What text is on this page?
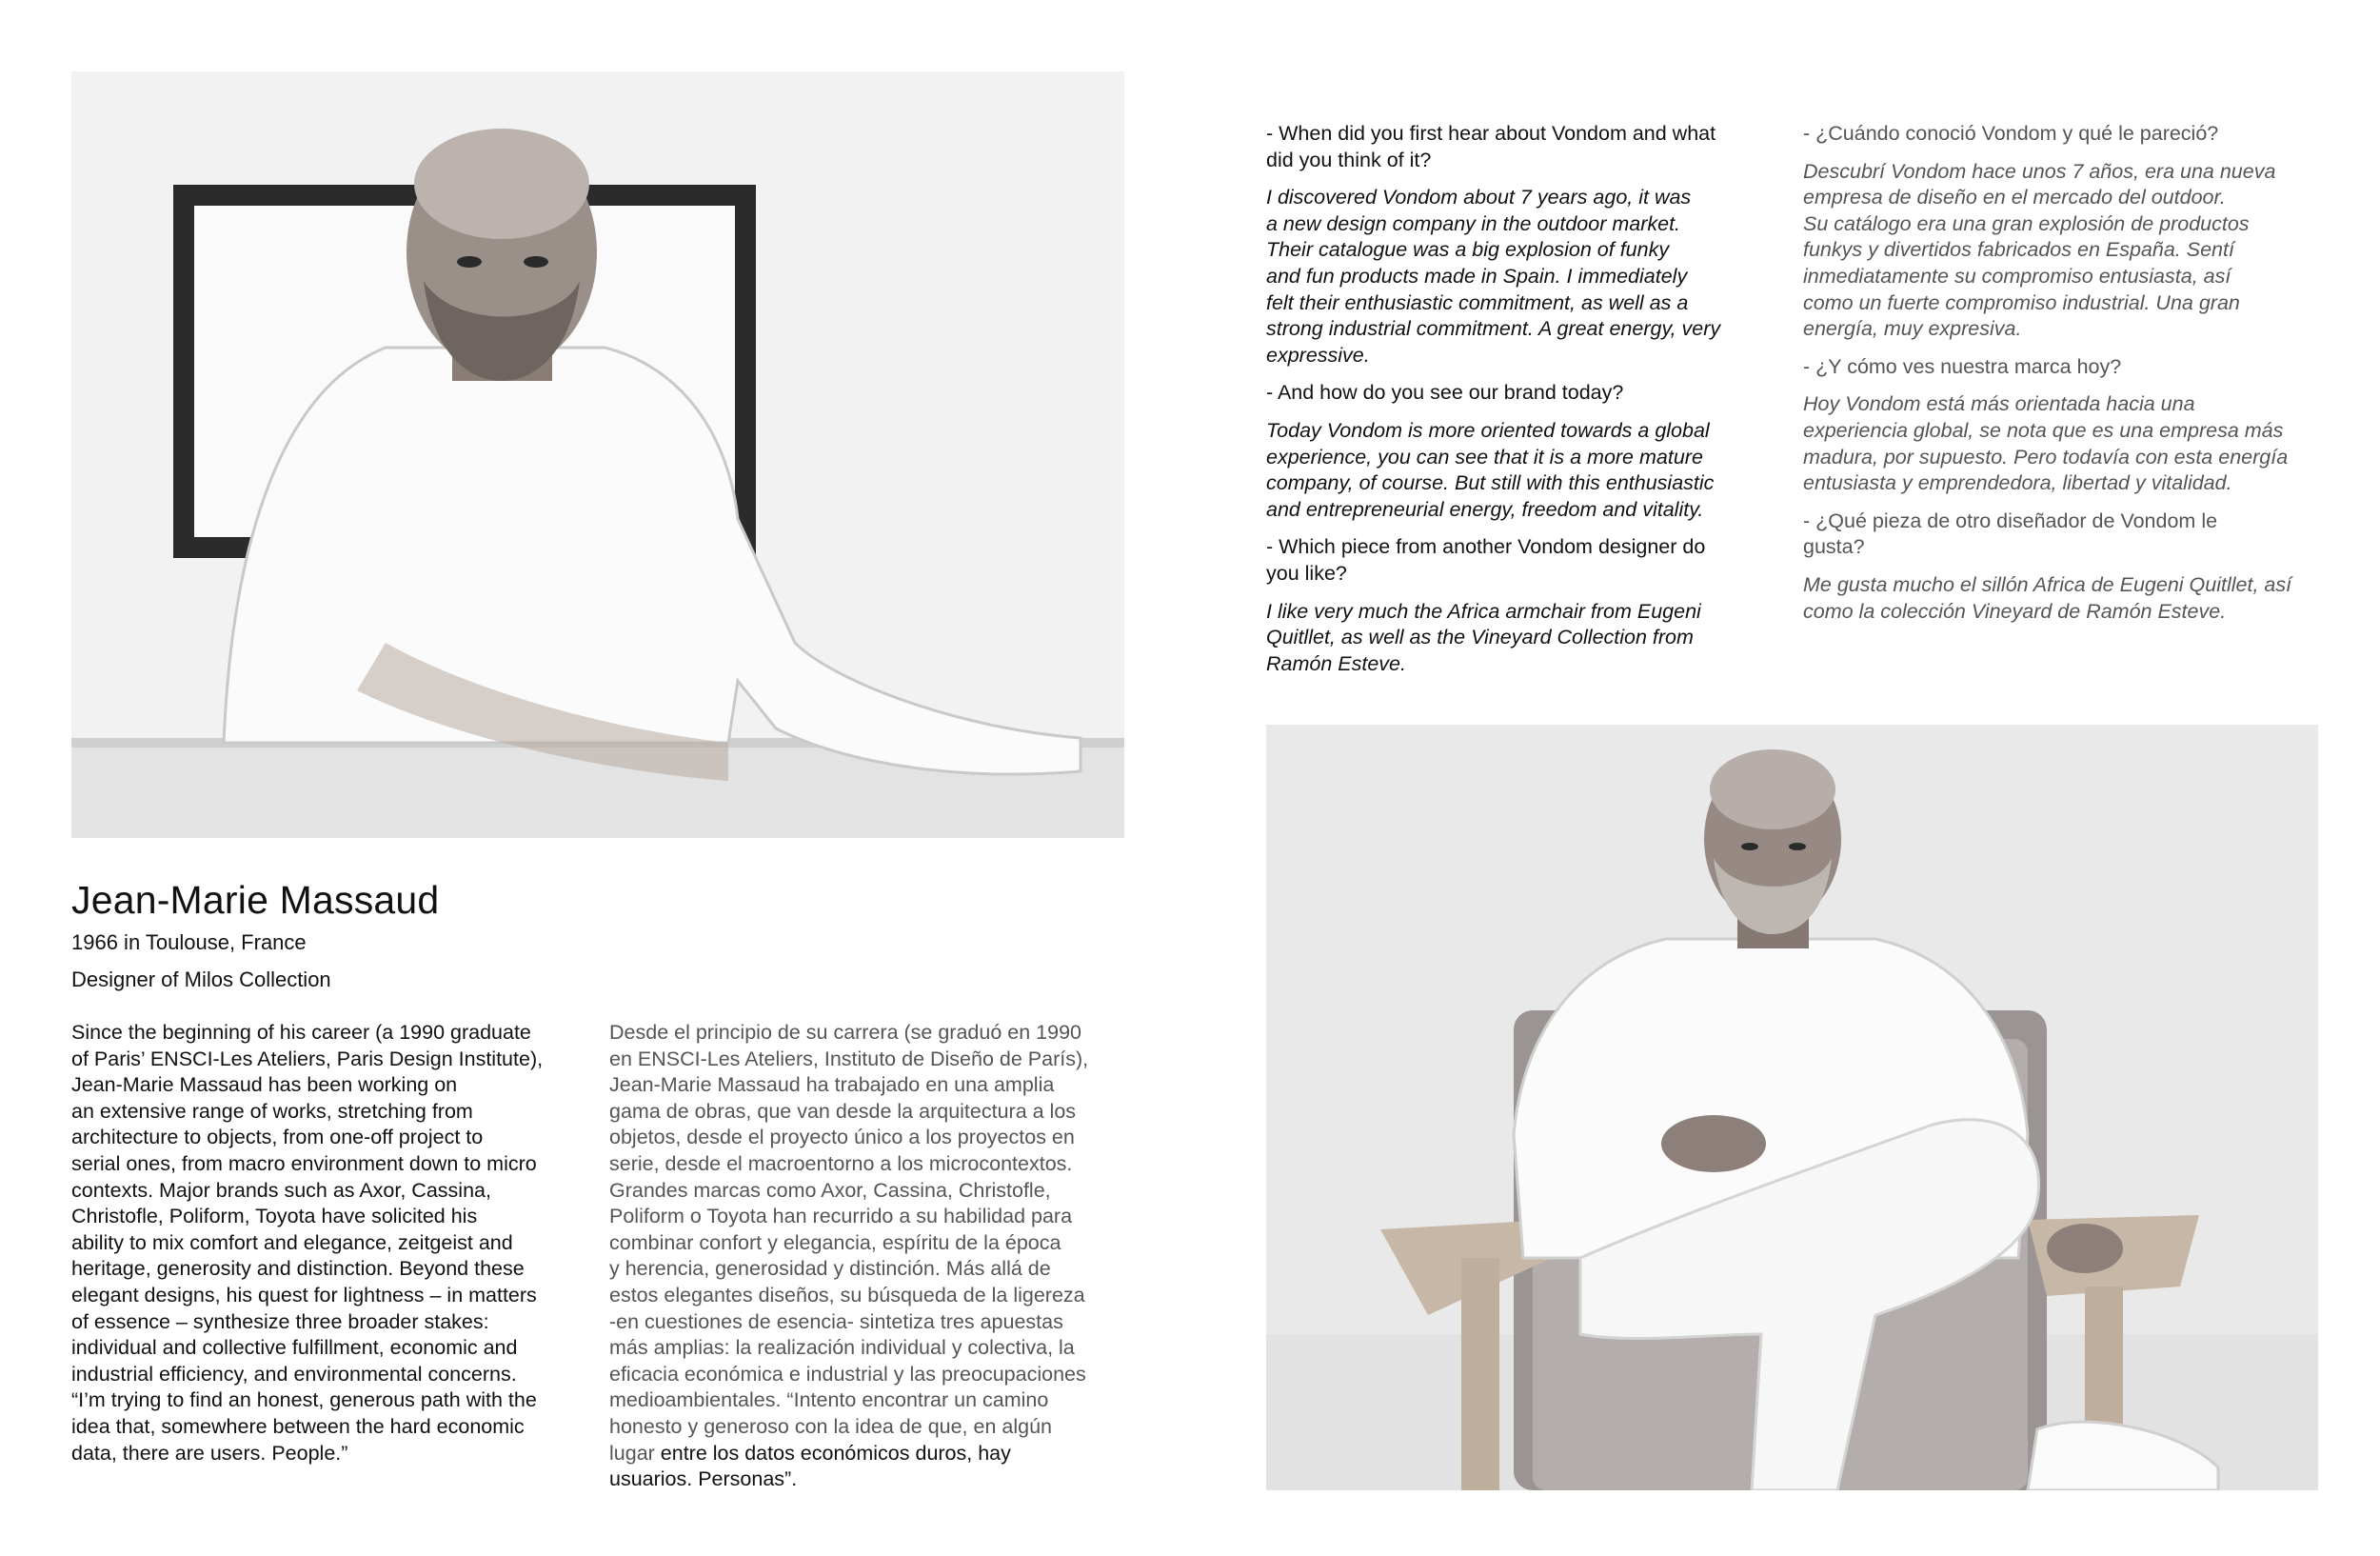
Jean-Marie Massaud

1966 in Toulouse, France

Designer of Milos Collection

Since the beginning of his career (a 1990 graduate
of Paris’ ENSCI-Les Ateliers, Paris Design Institute),
Jean-Marie Massaud has been working on
an extensive range of works, stretching from
architecture to objects, from one-off project to
serial ones, from macro environment down to micro
contexts. Major brands such as Axor, Cassina,
Christofle, Poliform, Toyota have solicited his
ability to mix comfort and elegance, zeitgeist and
heritage, generosity and distinction. Beyond these
elegant designs, his quest for lightness – in matters
of essence – synthesize three broader stakes:
individual and collective fulfillment, economic and
industrial efficiency, and environmental concerns.
“I’m trying to find an honest, generous path with the
idea that, somewhere between the hard economic
data, there are users. People.”

Desde el principio de su carrera (se graduó en 1990
en ENSCI-Les Ateliers, Instituto de Diseño de París),
Jean-Marie Massaud ha trabajado en una amplia
gama de obras, que van desde la arquitectura a los
objetos, desde el proyecto único a los proyectos en
serie, desde el macroentorno a los microcontextos.
Grandes marcas como Axor, Cassina, Christofle,
Poliform o Toyota han recurrido a su habilidad para
combinar confort y elegancia, espíritu de la época
y herencia, generosidad y distinción. Más allá de
estos elegantes diseños, su búsqueda de la ligereza
-en cuestiones de esencia- sintetiza tres apuestas
más amplias: la realización individual y colectiva, la
eficacia económica e industrial y las preocupaciones
medioambientales. “Intento encontrar un camino
honesto y generoso con la idea de que, en algún
lugar entre los datos económicos duros, hay
usuarios. Personas”.

- When did you first hear about Vondom and what
did you think of it?

I discovered Vondom about 7 years ago, it was
a new design company in the outdoor market.
Their catalogue was a big explosion of funky
and fun products made in Spain. I immediately
felt their enthusiastic commitment, as well as a
strong industrial commitment. A great energy, very
expressive.

- And how do you see our brand today?

Today Vondom is more oriented towards a global
experience, you can see that it is a more mature
company, of course. But still with this enthusiastic
and entrepreneurial energy, freedom and vitality.

- Which piece from another Vondom designer do
you like?

I like very much the Africa armchair from Eugeni
Quitllet, as well as the Vineyard Collection from
Ramón Esteve.

- ¿Cuándo conoció Vondom y qué le pareció?

Descubrí Vondom hace unos 7 años, era una nueva
empresa de diseño en el mercado del outdoor.
Su catálogo era una gran explosión de productos
funkys y divertidos fabricados en España. Sentí
inmediatamente su compromiso entusiasta, así
como un fuerte compromiso industrial. Una gran
energía, muy expresiva.

- ¿Y cómo ves nuestra marca hoy?

Hoy Vondom está más orientada hacia una
experiencia global, se nota que es una empresa más
madura, por supuesto. Pero todavía con esta energía
entusiasta y emprendedora, libertad y vitalidad.

- ¿Qué pieza de otro diseñador de Vondom le
gusta?

Me gusta mucho el sillón Africa de Eugeni Quitllet, así
como la colección Vineyard de Ramón Esteve.
